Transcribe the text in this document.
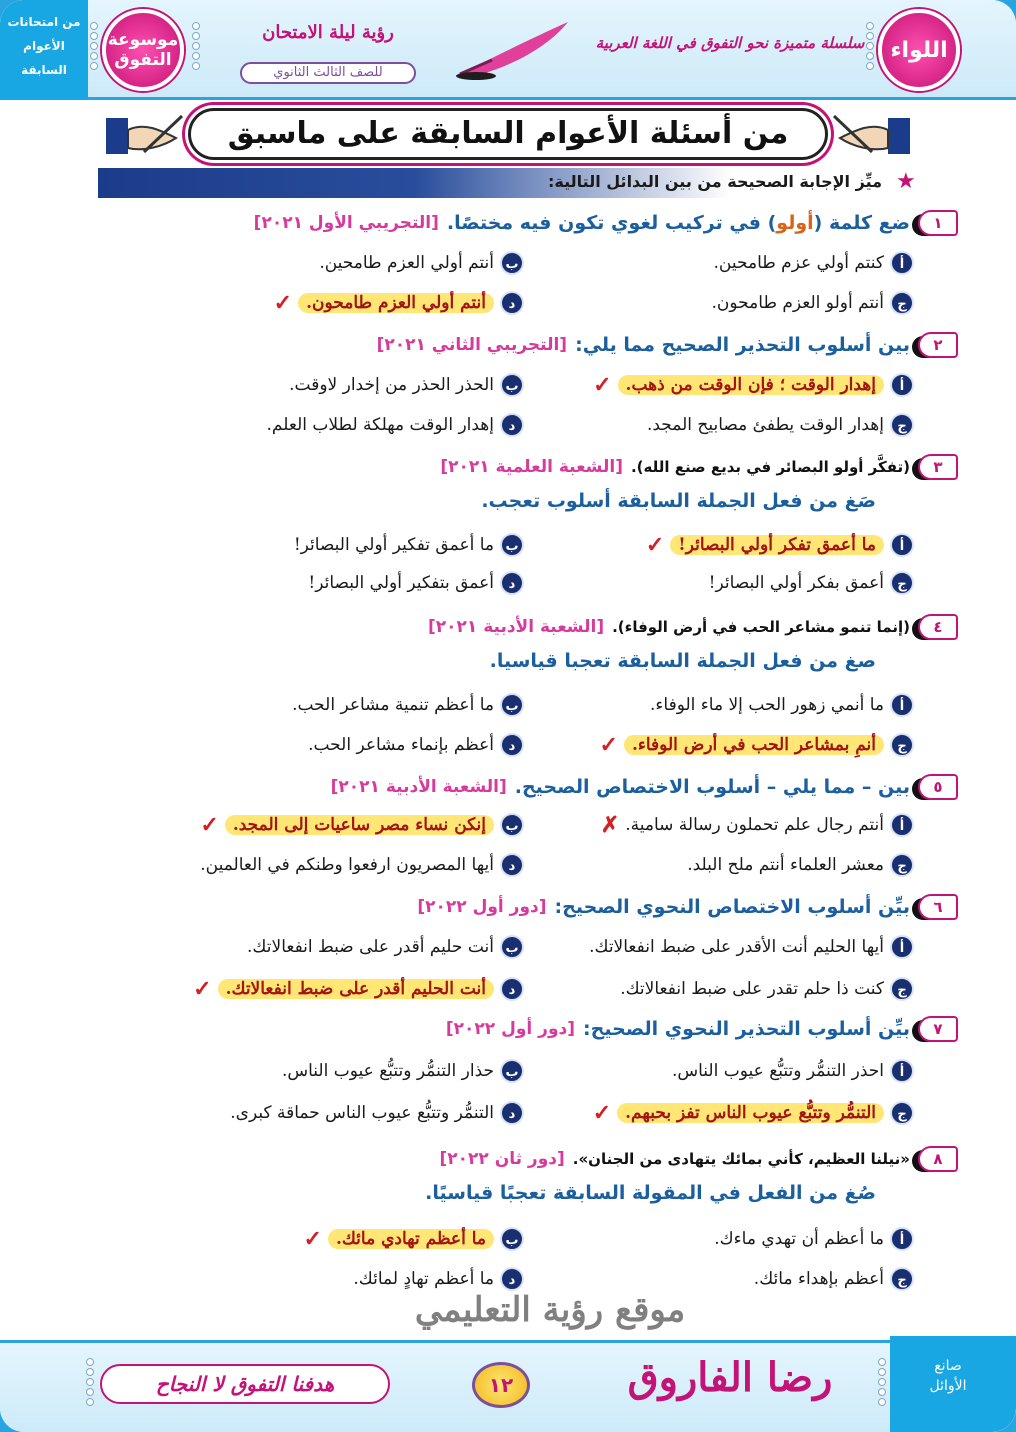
من امتحانات
الأعوام
السابقة
موسوعة التفوق
رؤية ليلة الامتحان
للصف الثالث الثانوي
سلسلة متميزة نحو التفوق في اللغة العربية اللواء
من أسئلة الأعوام السابقة على ماسبق
ميِّز الإجابة الصحيحة من بين البدائل التالية: ★
١
ضع كلمة (أولو) في تركيب لغوي تكون فيه مختصًا.
[التجريبي الأول ٢٠٢١]
أ
كنتم أولي عزم طامحين.
ب
أنتم أولي العزم طامحين.
ج
أنتم أولو العزم طامحون.
د
أنتم أولي العزم طامحون.
✓
٢
بين أسلوب التحذير الصحيح مما يلي:
[التجريبي الثاني ٢٠٢١]
أ
إهدار الوقت ؛ فإن الوقت من ذهب.
✓
ب
الحذر الحذر من إخدار لاوقت.
ج
إهدار الوقت يطفئ مصابيح المجد.
د
إهدار الوقت مهلكة لطلاب العلم.
٣
(تفكَّر أولو البصائر في بديع صنع الله).
[الشعبة العلمية ٢٠٢١]
صَغ من فعل الجملة السابقة أسلوب تعجب.
أ
ما أعمق تفكر أولي البصائر!
✓
ب
ما أعمق تفكير أولي البصائر!
ج
أعمق بفكر أولي البصائر!
د
أعمق بتفكير أولي البصائر!
٤
(إنما تنمو مشاعر الحب في أرض الوفاء).
[الشعبة الأدبية ٢٠٢١]
صغ من فعل الجملة السابقة تعجبا قياسيا.
أ
ما أنمي زهور الحب إلا ماء الوفاء.
ب
ما أعظم تنمية مشاعر الحب.
ج
أنمِ بمشاعر الحب في أرض الوفاء.
✓
د
أعظم بإنماء مشاعر الحب.
٥
بين – مما يلي – أسلوب الاختصاص الصحيح.
[الشعبة الأدبية ٢٠٢١]
أ
أنتم رجال علم تحملون رسالة سامية.
✗
ب
إنكن نساء مصر ساعيات إلى المجد.
✓
ج
معشر العلماء أنتم ملح البلد.
د
أيها المصريون ارفعوا وطنكم في العالمين.
٦
بيِّن أسلوب الاختصاص النحوي الصحيح:
[دور أول ٢٠٢٢]
أ
أيها الحليم أنت الأقدر على ضبط انفعالاتك.
ب
أنت حليم أقدر على ضبط انفعالاتك.
ج
كنت ذا حلم تقدر على ضبط انفعالاتك.
د
أنت الحليم أقدر على ضبط انفعالاتك.
✓
٧
بيِّن أسلوب التحذير النحوي الصحيح:
[دور أول ٢٠٢٢]
أ
احذر التنمُّر وتتبُّع عيوب الناس.
ب
حذار التنمُّر وتتبُّع عيوب الناس.
ج
التنمُّر وتتبُّع عيوب الناس تفز بحبهم.
✓
د
التنمُّر وتتبُّع عيوب الناس حماقة كبرى.
٨
«نيلنا العظيم، كأني بمائك يتهادى من الجنان».
[دور ثان ٢٠٢٢]
صُغ من الفعل في المقولة السابقة تعجبًا قياسيًا.
أ
ما أعظم أن تهدي ماءك.
ب
ما أعظم تهادي مائك.
✓
ج
أعظم بإهداء مائك.
د
ما أعظم تهادٍ لمائك.
موقع رؤية التعليمي
صانع
الأوائل
رضا الفاروق
١٢
هدفنا التفوق لا النجاح
